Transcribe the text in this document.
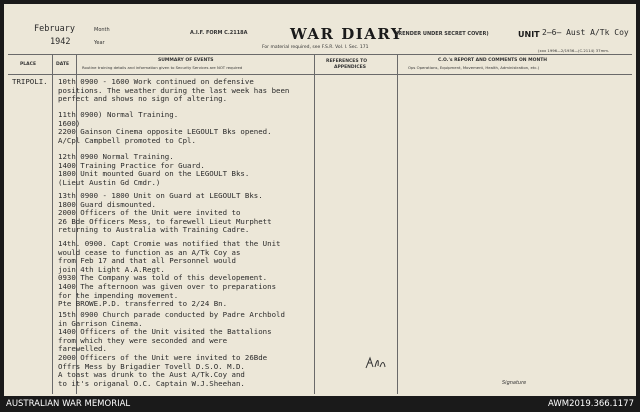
February	Month
1942	Year
A.I.F. FORM C.2118A	WAR DIARY
(RENDER UNDER SECRET COVER)
For material required, see F.S.R. Vol. I. Sec. 171
UNIT 2̶6̶ Aust A/Tk Coy
(xxx 1996—2/1936—(C.2114) 37mm.
PLACE	DATE
SUMMARY OF EVENTS
Routine training details and information given to Security Services are NOT required
REFERENCES TO
APPENDICES
C.O.'s REPORT AND COMMENTS ON MONTH
Ops Operations, Equipment, Movement, Health, Administration, etc.)
TRIPOLI. 10th 0900 - 1600 Work continued on defensive
positions. The weather during the last week has been
perfect and shows no sign of altering.
11th 0900) Normal Training.
1600)
2200 Gainson Cinema opposite LEGOULT Bks opened.
A/Cpl Campbell promoted to Cpl.
12th 0900 Normal Training.
1400 Training Practice for Guard.
1800 Unit mounted Guard on the LEGOULT Bks.
(Lieut Austin Gd Cmdr.)
13th 0900 - 1800 Unit on Guard at LEGOULT Bks.
1800 Guard dismounted.
2000 Officers of the Unit were invited to
26 Bde Officers Mess, to farewell Lieut Murphett
returning to Australia with Training Cadre.
14th. 0900. Capt Cromie was notified that the Unit
would cease to function as an A/Tk Coy as
from Feb 17 and that all Personnel would
join 4th Light A.A.Regt.
0930 The Company was told of this developement.
1400 The afternoon was given over to preparations
for the impending movement.
Pte BROWE.P.D. transferred to 2/24 Bn.
15th 0900 Church parade conducted by Padre Archbold
in Garrison Cinema.
1400 Officers of the Unit visited the Battalions
from which they were seconded and were
farewelled.
2000 Officers of the Unit were invited to 26Bde
Offrs Mess by Brigadier Tovell D.S.O. M.D.
A toast was drunk to the Aust A/Tk.Coy and
to it's origanal O.C. Captain W.J.Sheehan.	Signature
AUSTRALIAN WAR MEMORIAL	AWM2019.366.1177
